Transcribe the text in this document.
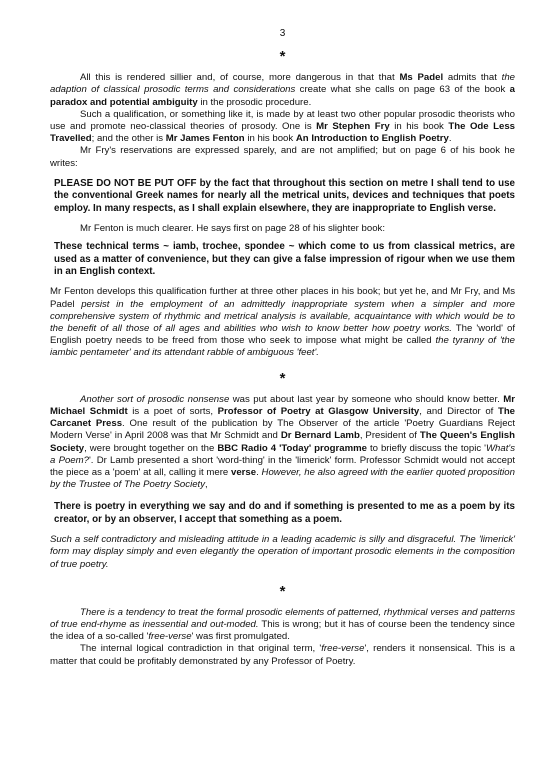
3
*

All this is rendered sillier and, of course, more dangerous in that that Ms Padel admits that the adaption of classical prosodic terms and considerations create what she calls on page 63 of the book a paradox and potential ambiguity in the prosodic procedure.

Such a qualification, or something like it, is made by at least two other popular prosodic theorists who use and promote neo-classical theories of prosody. One is Mr Stephen Fry in his book The Ode Less Travelled; and the other is Mr James Fenton in his book An Introduction to English Poetry.

Mr Fry's reservations are expressed sparely, and are not amplified; but on page 6 of his book he writes:

PLEASE DO NOT BE PUT OFF by the fact that throughout this section on metre I shall tend to use the conventional Greek names for nearly all the metrical units, devices and techniques that poets employ. In many respects, as I shall explain elsewhere, they are inappropriate to English verse.

Mr Fenton is much clearer. He says first on page 28 of his slighter book:

These technical terms ~ iamb, trochee, spondee ~ which come to us from classical metrics, are used as a matter of convenience, but they can give a false impression of rigour when we use them in an English context.

Mr Fenton develops this qualification further at three other places in his book; but yet he, and Mr Fry, and Ms Padel persist in the employment of an admittedly inappropriate system when a simpler and more comprehensive system of rhythmic and metrical analysis is available, acquaintance with which would be to the benefit of all those of all ages and abilities who wish to know better how poetry works. The 'world' of English poetry needs to be freed from those who seek to impose what might be called the tyranny of 'the iambic pentameter' and its attendant rabble of ambiguous 'feet'.

*

Another sort of prosodic nonsense was put about last year by someone who should know better. Mr Michael Schmidt is a poet of sorts, Professor of Poetry at Glasgow University, and Director of The Carcanet Press. One result of the publication by The Observer of the article 'Poetry Guardians Reject Modern Verse' in April 2008 was that Mr Schmidt and Dr Bernard Lamb, President of The Queen's English Society, were brought together on the BBC Radio 4 'Today' programme to briefly discuss the topic 'What's a Poem?'. Dr Lamb presented a short 'word-thing' in the 'limerick' form. Professor Schmidt would not accept the piece as a 'poem' at all, calling it mere verse. However, he also agreed with the earlier quoted proposition by the Trustee of The Poetry Society,

There is poetry in everything we say and do and if something is presented to me as a poem by its creator, or by an observer, I accept that something as a poem.

Such a self contradictory and misleading attitude in a leading academic is silly and disgraceful. The 'limerick' form may display simply and even elegantly the operation of important prosodic elements in the composition of true poetry.

*

There is a tendency to treat the formal prosodic elements of patterned, rhythmical verses and patterns of true end-rhyme as inessential and out-moded. This is wrong; but it has of course been the tendency since the idea of a so-called 'free-verse' was first promulgated.

The internal logical contradiction in that original term, 'free-verse', renders it nonsensical. This is a matter that could be profitably demonstrated by any Professor of Poetry.
